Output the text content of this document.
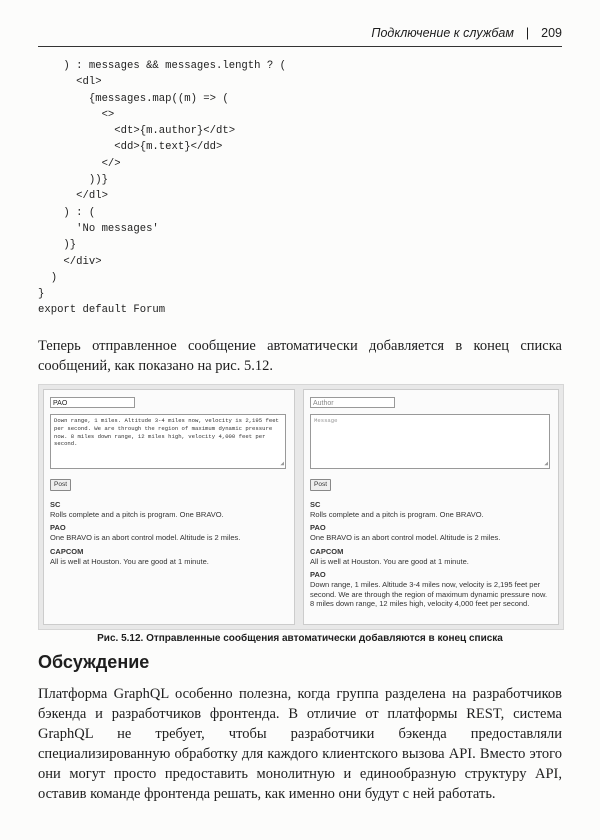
Подключение к службам | 209
) : messages && messages.length ? (
<dl>
{messages.map((m) => (
<>
<dt>{m.author}</dt>
<dd>{m.text}</dd>
</>
))}
</dl>
) : (
'No messages'
)}
</div>
)
}
export default Forum
Теперь отправленное сообщение автоматически добавляется в конец списка сообщений, как показано на рис. 5.12.
PAO
Down range, 1 miles. Altitude 3-4 miles now, velocity is 2,195 feet per second. We are through the region of maximum dynamic pressure now. 8 miles down range, 12 miles high, velocity 4,000 feet per second.
◢
Post
SC
Rolls complete and a pitch is program. One BRAVO.
PAO
One BRAVO is an abort control model. Altitude is 2 miles.
CAPCOM
All is well at Houston. You are good at 1 minute.
Author
Message
◢
Post
SC
Rolls complete and a pitch is program. One BRAVO.
PAO
One BRAVO is an abort control model. Altitude is 2 miles.
CAPCOM
All is well at Houston. You are good at 1 minute.
PAO
Down range, 1 miles. Altitude 3-4 miles now, velocity is 2,195 feet per second. We are through the region of maximum dynamic pressure now. 8 miles down range, 12 miles high, velocity 4,000 feet per second.
Рис. 5.12. Отправленные сообщения автоматически добавляются в конец списка
Обсуждение
Платформа GraphQL особенно полезна, когда группа разделена на разработчиков бэкенда и разработчиков фронтенда. В отличие от платформы REST, система GraphQL не требует, чтобы разработчики бэкенда предоставляли специализированную обработку для каждого клиентского вызова API. Вместо этого они могут просто предоставить монолитную и единообразную структуру API, оставив команде фронтенда решать, как именно они будут с ней работать.
